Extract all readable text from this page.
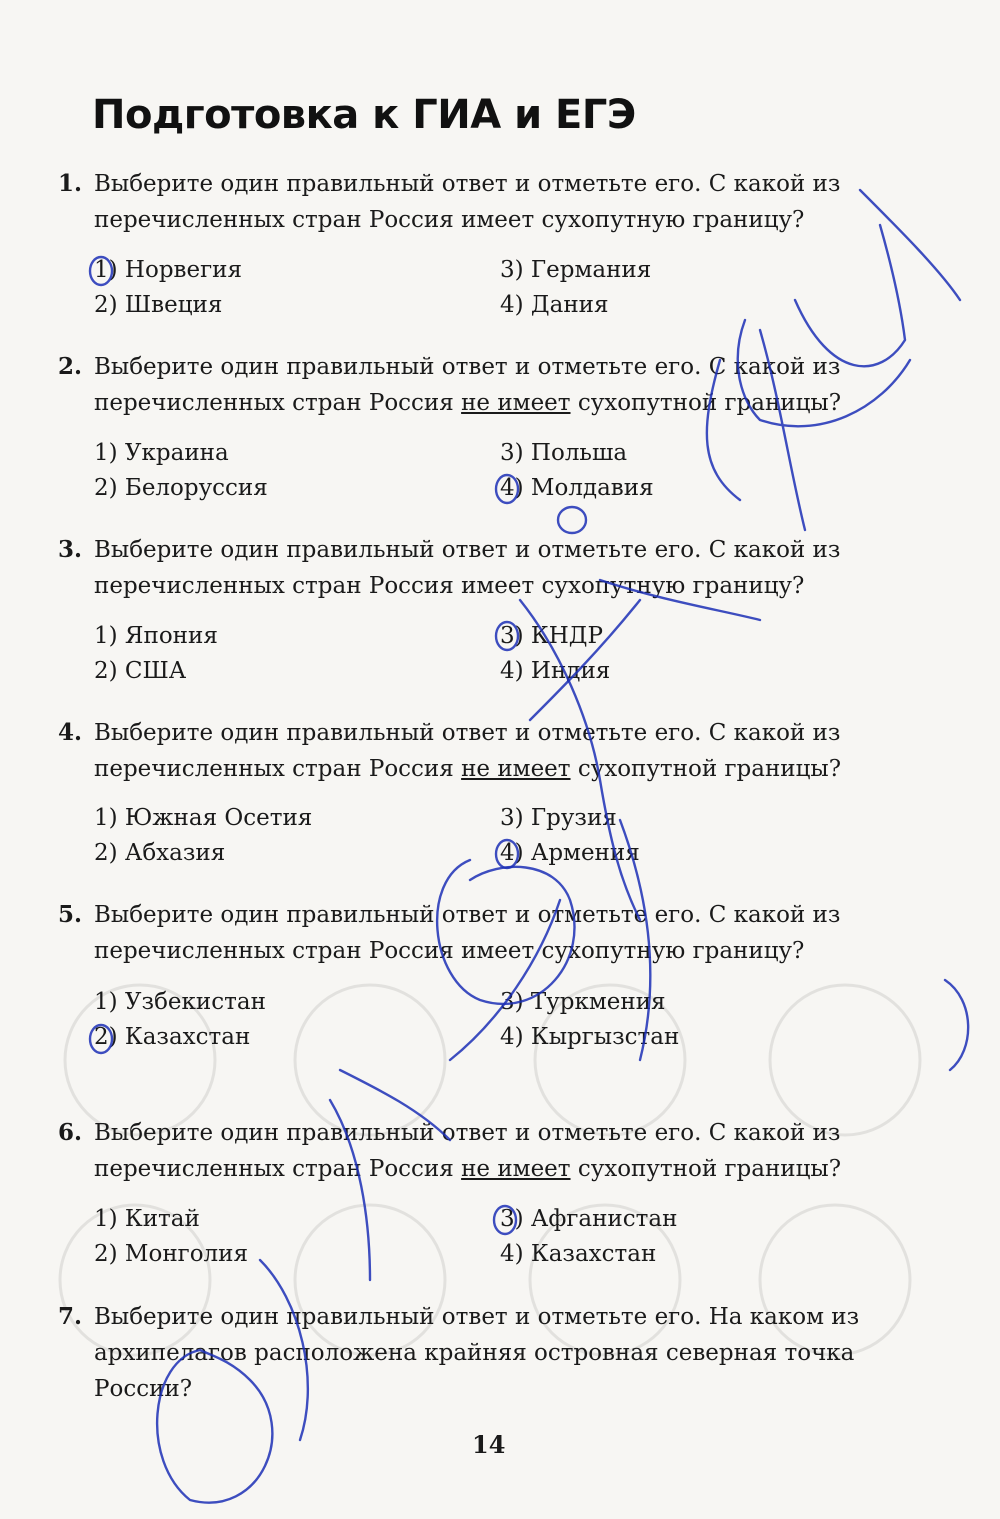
Подготовка к ГИА и ЕГЭ
1. Выберите один правильный ответ и отметьте его. С какой из
перечисленных стран Россия имеет сухопутную границу?
1) Норвегия	3) Германия
2) Швеция	4) Дания
2. Выберите один правильный ответ и отметьте его. С какой из
перечисленных стран Россия не имеет сухопутной границы?
1) Украина	3) Польша
2) Белоруссия	4) Молдавия
3. Выберите один правильный ответ и отметьте его. С какой из
перечисленных стран Россия имеет сухопутную границу?
1) Япония	3) КНДР
2) США	4) Индия
4. Выберите один правильный ответ и отметьте его. С какой из
перечисленных стран Россия не имеет сухопутной границы?
1) Южная Осетия	3) Грузия
2) Абхазия	4) Армения
5. Выберите один правильный ответ и отметьте его. С какой из
перечисленных стран Россия имеет сухопутную границу?
1) Узбекистан	3) Туркмения
2) Казахстан	4) Кыргызстан
6. Выберите один правильный ответ и отметьте его. С какой из
перечисленных стран Россия не имеет сухопутной границы?
1) Китай	3) Афганистан
2) Монголия	4) Казахстан
7. Выберите один правильный ответ и отметьте его. На каком из
архипелагов расположена крайняя островная северная точка
России?
14
